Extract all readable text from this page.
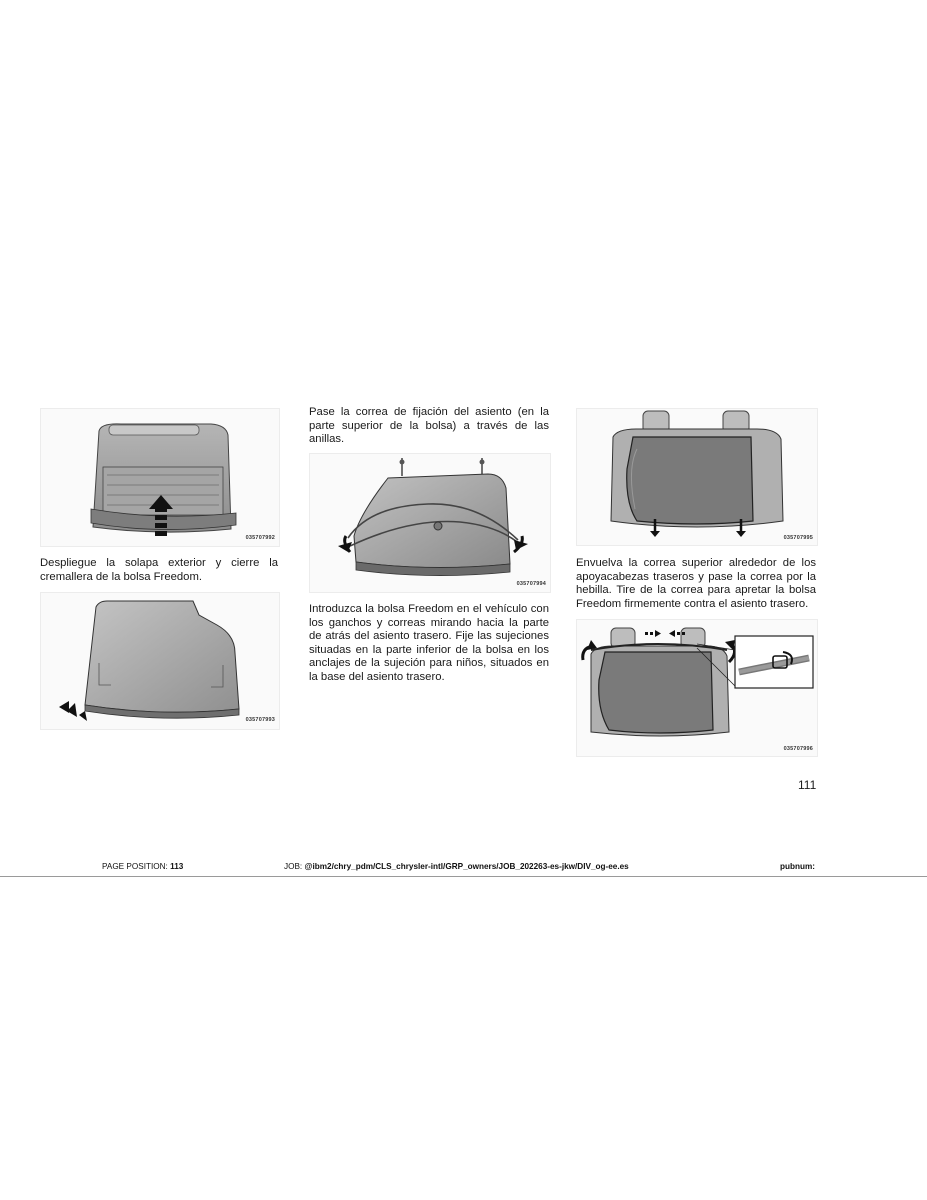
035707992

Despliegue la solapa exterior y cierre la cremallera de la bolsa Freedom.

035707993

Pase la correa de fijación del asiento (en la parte superior de la bolsa) a través de las anillas.

035707994

Introduzca la bolsa Freedom en el vehículo con los ganchos y correas mirando hacia la parte de atrás del asiento trasero. Fije las sujeciones situadas en la parte inferior de la bolsa en los anclajes de la sujeción para niños, situados en la base del asiento trasero.

035707995

Envuelva la correa superior alrededor de los apoyacabezas traseros y pase la correa por la hebilla. Tire de la correa para apretar la bolsa Freedom firmemente contra el asiento trasero.

035707996
111
PAGE POSITION: 113	JOB: @ibm2/chry_pdm/CLS_chrysler-intl/GRP_owners/JOB_202263-es-jkw/DIV_og-ee.es	pubnum:
